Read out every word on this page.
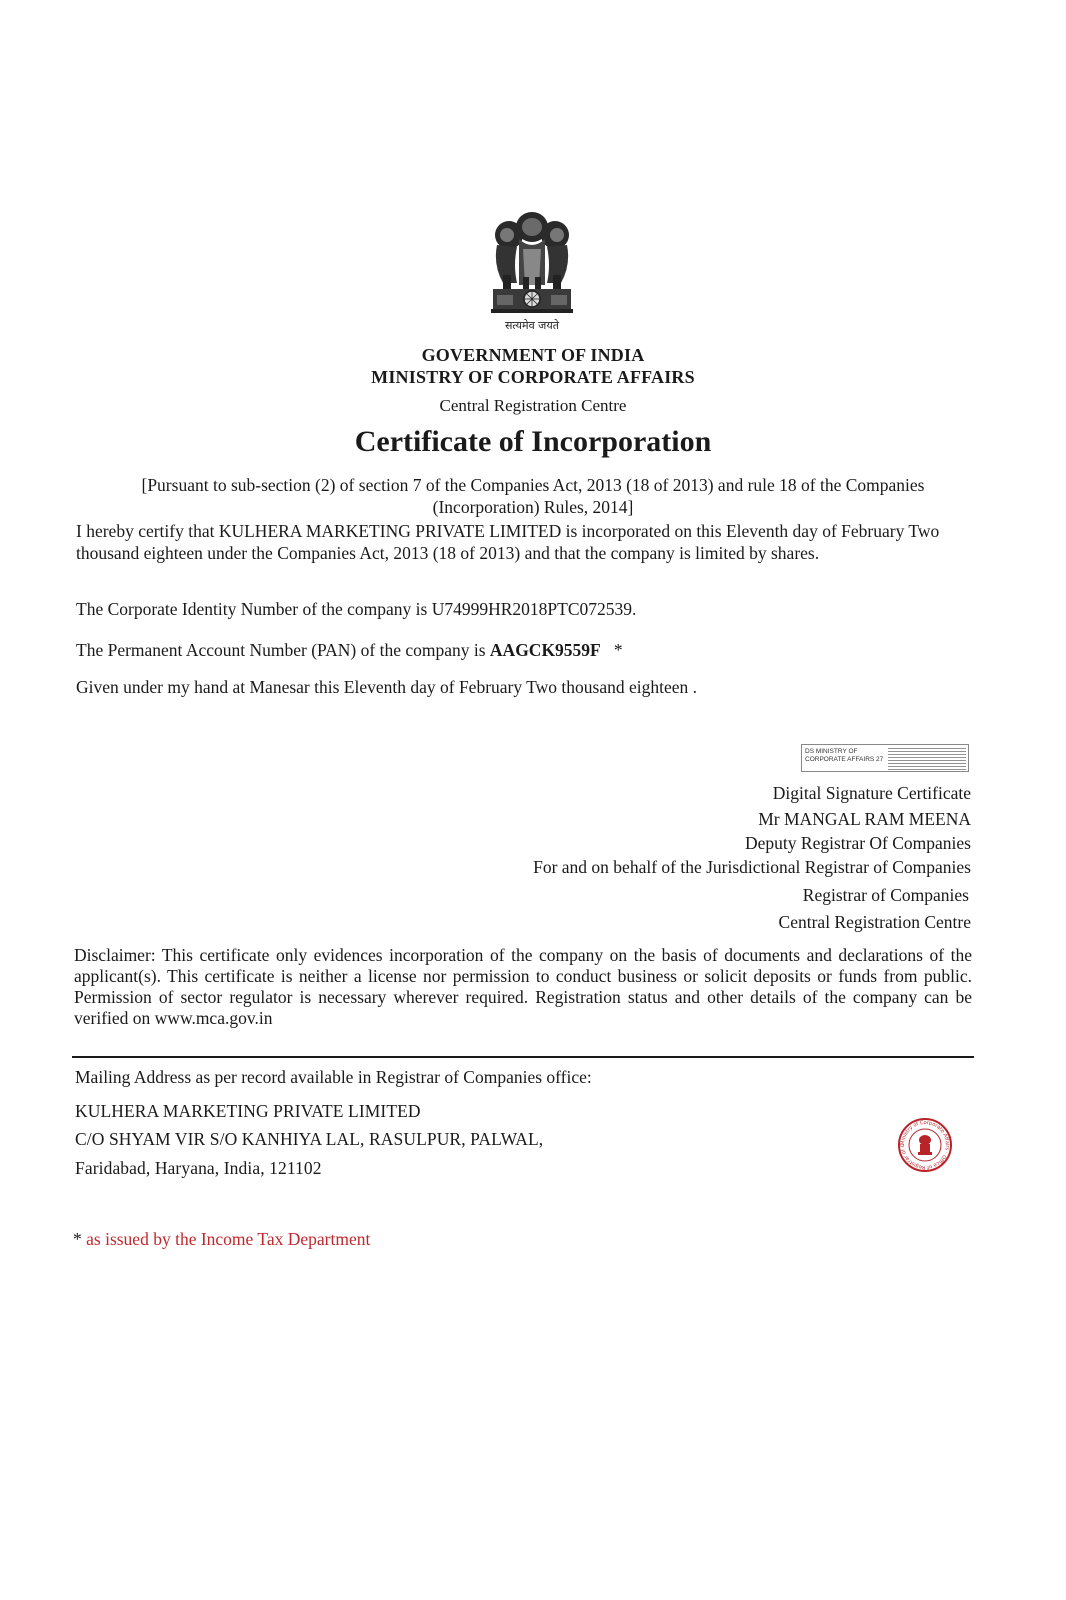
सत्यमेव जयते
GOVERNMENT OF INDIA
MINISTRY OF CORPORATE AFFAIRS
Central Registration Centre
Certificate of Incorporation
[Pursuant to sub-section (2) of section 7 of the Companies Act, 2013 (18 of 2013) and rule 18 of the Companies (Incorporation) Rules, 2014]
I hereby certify that KULHERA MARKETING PRIVATE LIMITED is incorporated on this Eleventh day of February Two thousand eighteen under the Companies Act, 2013 (18 of 2013) and that the company is limited by shares.
The Corporate Identity Number of the company is U74999HR2018PTC072539.
The Permanent Account Number (PAN) of the company is AAGCK9559F *
Given under my hand at Manesar this Eleventh day of February Two thousand eighteen .
DS MINISTRY OF CORPORATE AFFAIRS 27
Digital Signature Certificate
Mr MANGAL RAM MEENA
Deputy Registrar Of Companies
For and on behalf of the Jurisdictional Registrar of Companies
Registrar of Companies
Central Registration Centre
Disclaimer: This certificate only evidences incorporation of the company on the basis of documents and declarations of the applicant(s). This certificate is neither a license nor permission to conduct business or solicit deposits or funds from public. Permission of sector regulator is necessary wherever required. Registration status and other details of the company can be verified on www.mca.gov.in
Mailing Address as per record available in Registrar of Companies office:
KULHERA MARKETING PRIVATE LIMITED
C/O SHYAM VIR S/O KANHIYA LAL, RASULPUR, PALWAL,
Faridabad, Haryana, India, 121102
Ministry of Corporate Affairs · Office of Registrar of C
* as issued by the Income Tax Department
